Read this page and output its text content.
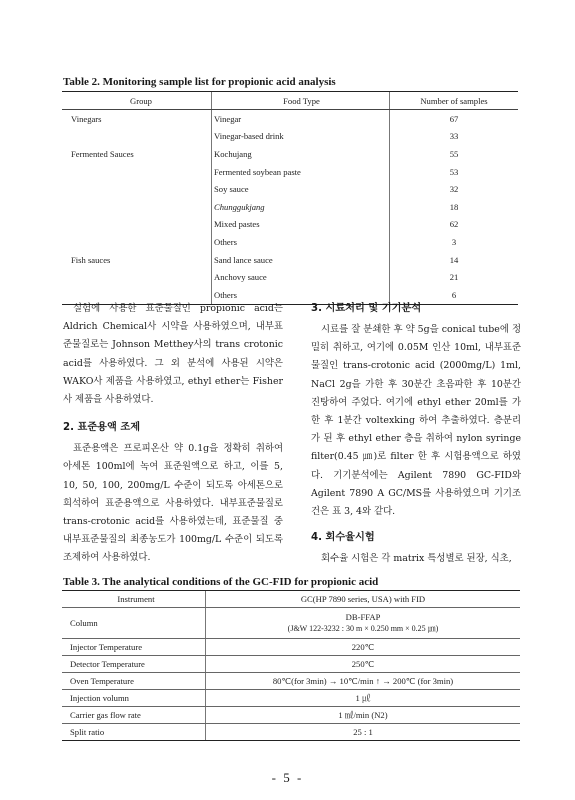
Table 2. Monitoring sample list for propionic acid analysis
Group	Food Type	Number of samples
Vinegars	Vinegar	67
	Vinegar-based drink	33
Fermented Sauces	Kochujang	55
	Fermented soybean paste	53
	Soy sauce	32
	Chunggukjang	18
	Mixed pastes	62
	Others	3
Fish sauces	Sand lance sauce	14
	Anchovy sauce	21
	Others	6

실험에 사용한 표준물질인 propionic acid는 Aldrich Chemical사 시약을 사용하였으며, 내부표준물질로는 Johnson Metthey사의 trans crotonic acid를 사용하였다. 그 외 분석에 사용된 시약은 WAKO사 제품을 사용하였고, ethyl ether는 Fisher사 제품을 사용하였다.

2. 표준용액 조제

표준용액은 프로피온산 약 0.1g을 정확히 취하여 아세톤 100ml에 녹여 표준원액으로 하고, 이를 5, 10, 50, 100, 200mg/L 수준이 되도록 아세톤으로 희석하여 표준용액으로 사용하였다. 내부표준물질로 trans-crotonic acid를 사용하였는데, 표준물질 중 내부표준물질의 최종농도가 100mg/L 수준이 되도록 조제하여 사용하였다.

3. 시료처리 및 기기분석

시료를 잘 분쇄한 후 약 5g을 conical tube에 정밀히 취하고, 여기에 0.05M 인산 10ml, 내부표준물질인 trans-crotonic acid (2000mg/L) 1ml, NaCl 2g을 가한 후 30분간 초음파한 후 10분간 진탕하여 주었다. 여기에 ethyl ether 20ml를 가한 후 1분간 voltexking 하여 추출하였다. 층분리가 된 후 ethyl ether 층을 취하여 nylon syringe filter(0.45 ㎛)로 filter 한 후 시험용액으로 하였다. 기기분석에는 Agilent 7890 GC-FID와 Agilent 7890 A GC/MS를 사용하였으며 기기조건은 표 3, 4와 같다.

4. 회수율시험

회수율 시험은 각 matrix 특성별로 된장, 식초,

Table 3. The analytical conditions of the GC-FID for propionic acid
Instrument	GC(HP 7890 series, USA) with FID
Column	DB-FFAP
(J&W 122-3232 : 30 m × 0.250 mm × 0.25 ㎛)

Injector Temperature	220℃
Detector Temperature	250℃
Oven Temperature	80℃(for 3min) → 10℃/min ↑ → 200℃ (for 3min)
Injection volumn	1 ㎕
Carrier gas flow rate	1 ㎖/min (N2)
Split ratio	25 : 1
- 5 -
